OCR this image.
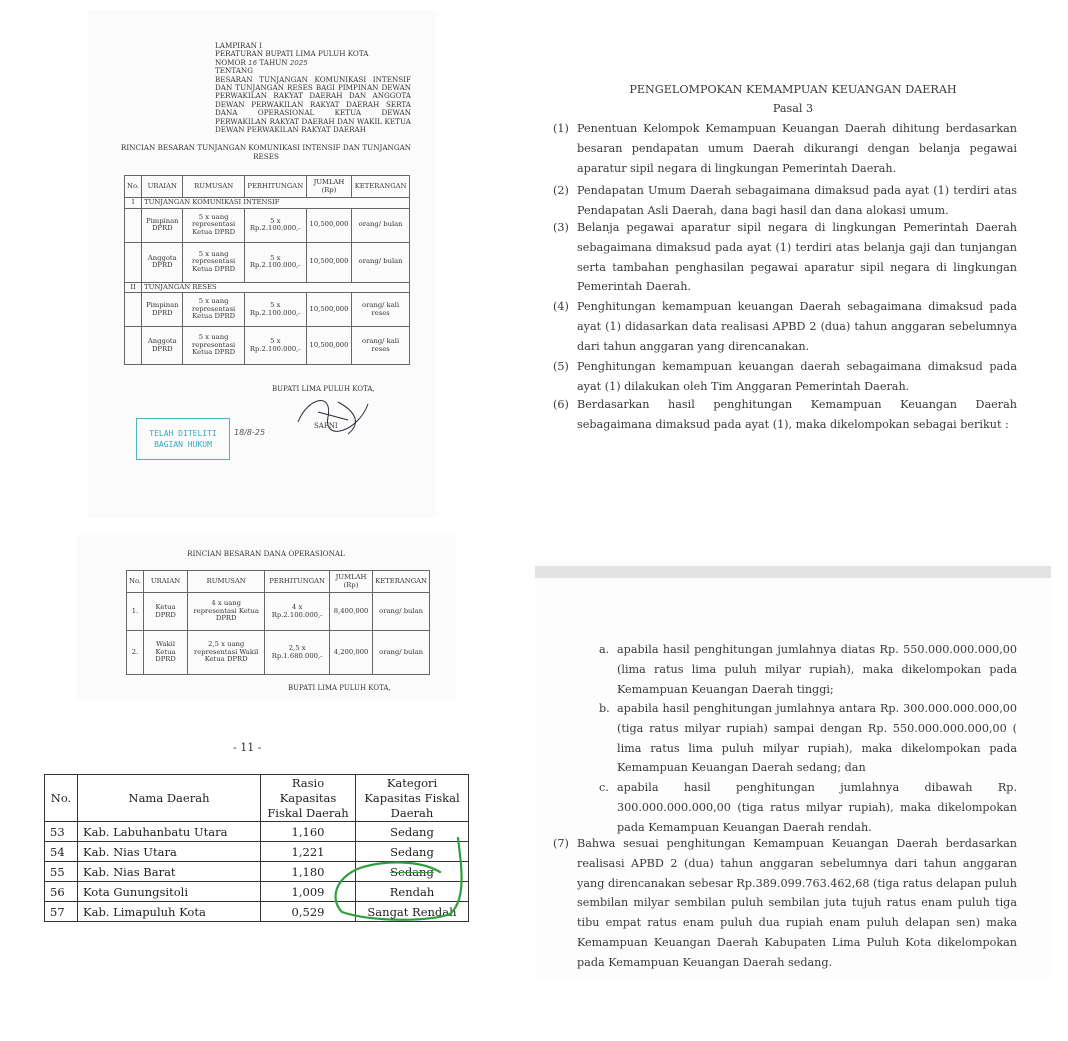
LAMPIRAN I
PERATURAN BUPATI LIMA PULUH KOTA
NOMOR 16 TAHUN 2025
TENTANG
BESARAN TUNJANGAN KOMUNIKASI INTENSIF DAN TUNJANGAN RESES BAGI PIMPINAN DEWAN PERWAKILAN RAKYAT DAERAH DAN ANGGOTA DEWAN PERWAKILAN RAKYAT DAERAH SERTA DANA OPERASIONAL KETUA DEWAN PERWAKILAN RAKYAT DAERAH DAN WAKIL KETUA DEWAN PERWAKILAN RAKYAT DAERAH
RINCIAN BESARAN TUNJANGAN KOMUNIKASI INTENSIF DAN TUNJANGAN RESES
No.	URAIAN	RUMUSAN	PERHITUNGAN	JUMLAH (Rp)	KETERANGAN
I	TUNJANGAN KOMUNIKASI INTENSIF				
	Pimpinan DPRD	5 x uang representasi Ketua DPRD	5 x Rp.2.100.000,-	10,500,000	orang/ bulan
	Anggota DPRD	5 x uang representasi Ketua DPRD	5 x Rp.2.100.000,-	10,500,000	orang/ bulan
II	TUNJANGAN RESES				
	Pimpinan DPRD	5 x uang representasi Ketua DPRD	5 x Rp.2.100.000,-	10,500,000	orang/ kali reses
	Anggota DPRD	5 x uang representasi Ketua DPRD	5 x Rp.2.100.000,-	10,500,000	orang/ kali reses
BUPATI LIMA PULUH KOTA,
SAFNI
TELAH DITELITI
BAGIAN HUKUM
18/8-25
RINCIAN BESARAN DANA OPERASIONAL
No.	URAIAN	RUMUSAN	PERHITUNGAN	JUMLAH (Rp)	KETERANGAN
1.	Ketua DPRD	4 x uang representasi Ketua DPRD	4 x Rp.2.100.000,-	8,400,000	orang/ bulan
2.	Wakil Ketua DPRD	2,5 x uang representasi Wakil Ketua DPRD	2,5 x Rp.1.680.000,-	4,200,000	orang/ bulan
BUPATI LIMA PULUH KOTA,
- 11 -
PENGELOMPOKAN KEMAMPUAN KEUANGAN DAERAH
Pasal 3
(1) Penentuan Kelompok Kemampuan Keuangan Daerah dihitung berdasarkan besaran pendapatan umum Daerah dikurangi dengan belanja pegawai aparatur sipil negara di lingkungan Pemerintah Daerah.
(2) Pendapatan Umum Daerah sebagaimana dimaksud pada ayat (1) terdiri atas Pendapatan Asli Daerah, dana bagi hasil dan dana alokasi umum.
(3) Belanja pegawai aparatur sipil negara di lingkungan Pemerintah Daerah sebagaimana dimaksud pada ayat (1) terdiri atas belanja gaji dan tunjangan serta tambahan penghasilan pegawai aparatur sipil negara di lingkungan Pemerintah Daerah.
(4) Penghitungan kemampuan keuangan Daerah sebagaimana dimaksud pada ayat (1) didasarkan data realisasi APBD 2 (dua) tahun anggaran sebelumnya dari tahun anggaran yang direncanakan.
(5) Penghitungan kemampuan keuangan daerah sebagaimana dimaksud pada ayat (1) dilakukan oleh Tim Anggaran Pemerintah Daerah.
(6) Berdasarkan hasil penghitungan Kemampuan Keuangan Daerah sebagaimana dimaksud pada ayat (1), maka dikelompokan sebagai berikut :
a. apabila hasil penghitungan jumlahnya diatas Rp. 550.000.000.000,00 (lima ratus lima puluh milyar rupiah), maka dikelompokan pada Kemampuan Keuangan Daerah tinggi;
b. apabila hasil penghitungan jumlahnya antara Rp. 300.000.000.000,00 (tiga ratus milyar rupiah) sampai dengan Rp. 550.000.000.000,00 ( lima ratus lima puluh milyar rupiah), maka dikelompokan pada Kemampuan Keuangan Daerah sedang; dan
c. apabila hasil penghitungan jumlahnya dibawah Rp. 300.000.000.000,00 (tiga ratus milyar rupiah), maka dikelompokan pada Kemampuan Keuangan Daerah rendah.
(7) Bahwa sesuai penghitungan Kemampuan Keuangan Daerah berdasarkan realisasi APBD 2 (dua) tahun anggaran sebelumnya dari tahun anggaran yang direncanakan sebesar Rp.389.099.763.462,68 (tiga ratus delapan puluh sembilan milyar sembilan puluh sembilan juta tujuh ratus enam puluh tiga tibu empat ratus enam puluh dua rupiah enam puluh delapan sen) maka Kemampuan Keuangan Daerah Kabupaten Lima Puluh Kota dikelompokan pada Kemampuan Keuangan Daerah sedang.
No.	Nama Daerah	Rasio Kapasitas Fiskal Daerah	Kategori Kapasitas Fiskal Daerah
53	Kab. Labuhanbatu Utara	1,160	Sedang
54	Kab. Nias Utara	1,221	Sedang
55	Kab. Nias Barat	1,180	Sedang
56	Kota Gunungsitoli	1,009	Rendah
57	Kab. Limapuluh Kota	0,529	Sangat Rendah
